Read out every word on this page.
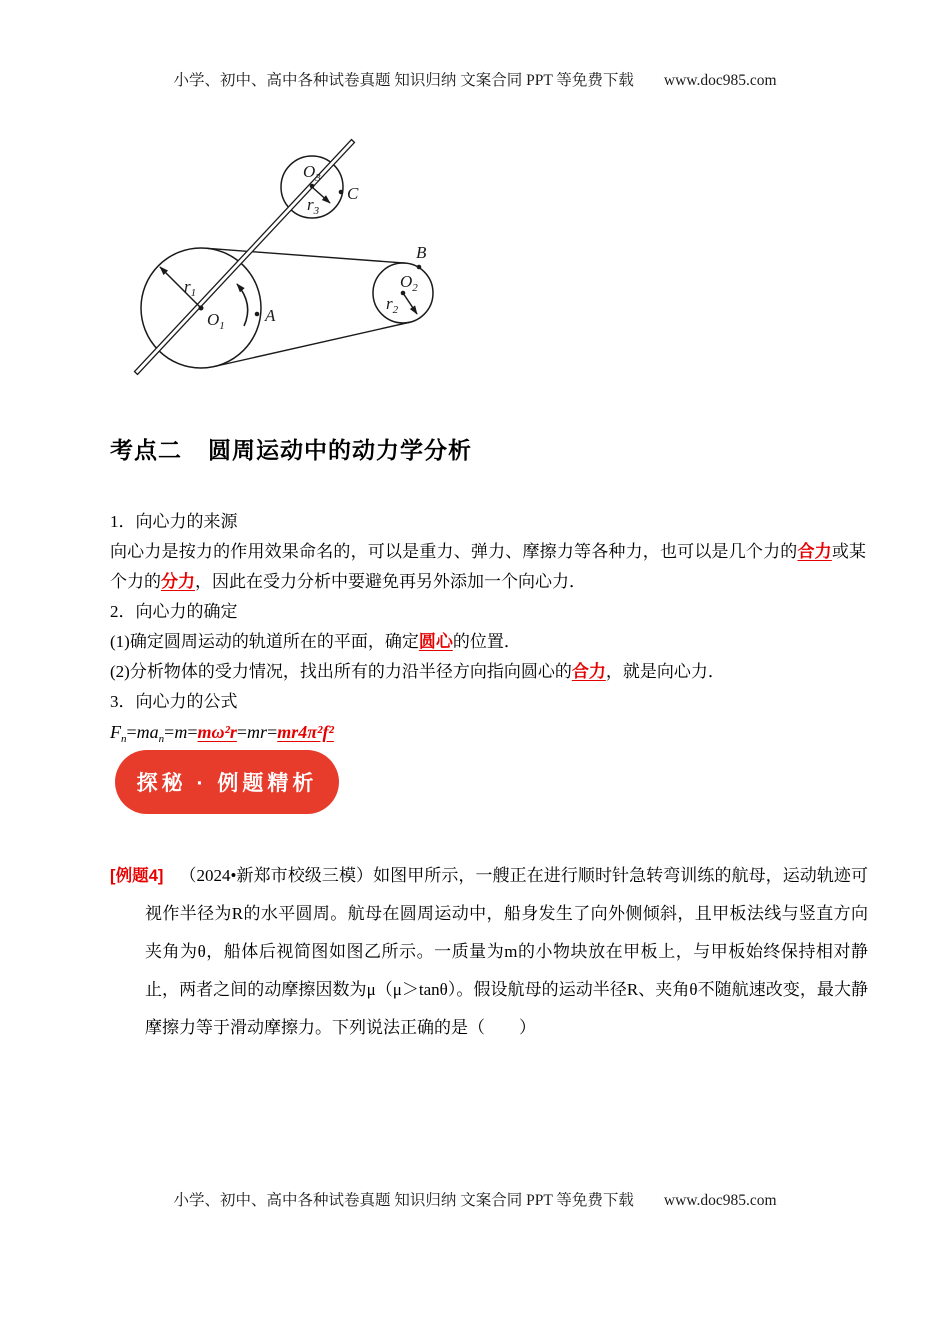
小学、初中、高中各种试卷真题 知识归纳 文案合同 PPT 等免费下载 www.doc985.com
$r_1$
$O_1$
A
$O_2$
$r_2$
B
$O_3$
$r_3$
C
考点二 圆周运动中的动力学分析

1．向心力的来源

向心力是按力的作用效果命名的，可以是重力、弹力、摩擦力等各种力，也可以是几个力的合力或某个力的分力，因此在受力分析中要避免再另外添加一个向心力．

2．向心力的确定

(1)确定圆周运动的轨道所在的平面，确定圆心的位置．

(2)分析物体的受力情况，找出所有的力沿半径方向指向圆心的合力，就是向心力．

3．向心力的公式

$F_n=ma_n=m=m\omega^2r=mr=mr4\pi^2f^2$

探秘 · 例题精析

[例题4] （2024•新郑市校级三模）如图甲所示，一艘正在进行顺时针急转弯训练的航母，运动轨迹可视作半径为R的水平圆周。航母在圆周运动中，船身发生了向外侧倾斜，且甲板法线与竖直方向夹角为θ，船体后视简图如图乙所示。一质量为m的小物块放在甲板上，与甲板始终保持相对静止，两者之间的动摩擦因数为μ（μ＞tanθ）。假设航母的运动半径R、夹角θ不随航速改变，最大静摩擦力等于滑动摩擦力。下列说法正确的是（　　）

小学、初中、高中各种试卷真题 知识归纳 文案合同 PPT 等免费下载 www.doc985.com
